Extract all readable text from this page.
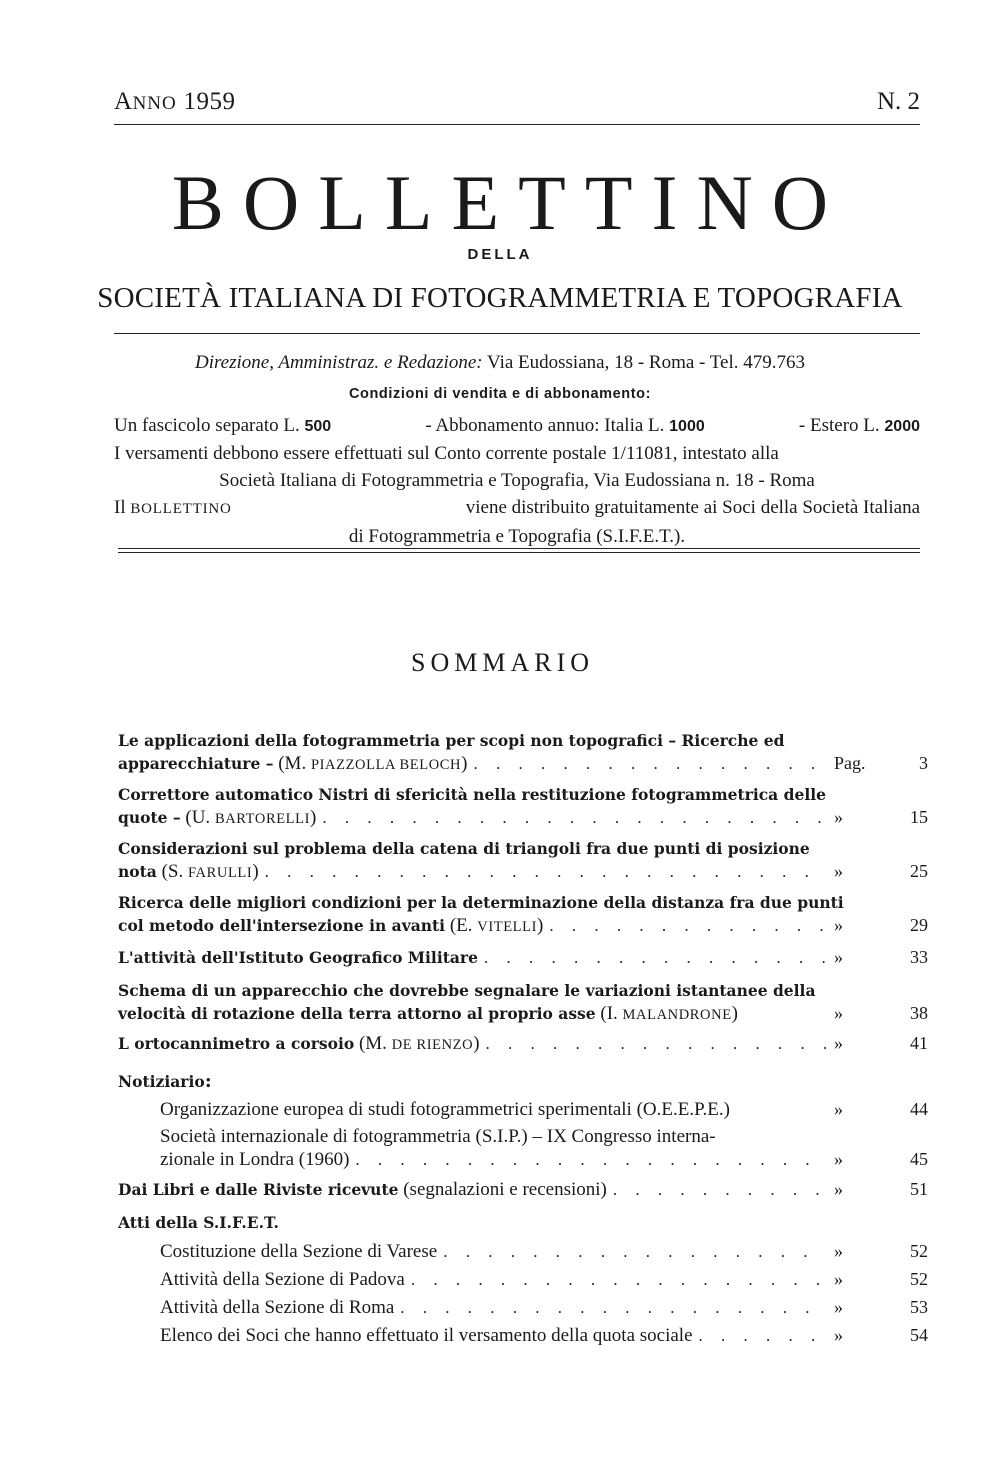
ANNO 1959	N. 2
BOLLETTINO
DELLA
SOCIETÀ ITALIANA DI FOTOGRAMMETRIA E TOPOGRAFIA
Direzione, Amministraz. e Redazione: Via Eudossiana, 18 - Roma - Tel. 479.763
Condizioni di vendita e di abbonamento:
Un fascicolo separato L. 500	- Abbonamento annuo: Italia L. 1000	- Estero L. 2000
I versamenti debbono essere effettuati sul Conto corrente postale 1/11081, intestato alla
Società Italiana di Fotogrammetria e Topografia, Via Eudossiana n. 18 - Roma
Il BOLLETTINO	viene distribuito gratuitamente ai Soci della Società Italiana
di Fotogrammetria e Topografia (S.I.F.E.T.).
SOMMARIO
Le applicazioni della fotogrammetria per scopi non topografici – Ricerche ed
apparecchiature – (M. PIAZZOLLA BELOCH) . . .	Pag.	3
Correttore automatico Nistri di sfericità nella restituzione fotogrammetrica delle
quote – (U. BARTORELLI) . . .	»	15
Considerazioni sul problema della catena di triangoli fra due punti di posizione
nota (S. FARULLI) . . .	»	25
Ricerca delle migliori condizioni per la determinazione della distanza fra due punti
col metodo dell'intersezione in avanti (E. VITELLI) . . .	»	29
L'attività dell'Istituto Geografico Militare . . .	»	33
Schema di un apparecchio che dovrebbe segnalare le variazioni istantanee della
velocità di rotazione della terra attorno al proprio asse (I. MALANDRONE)	»	38
L ortocannimetro a corsoio (M. DE RIENZO) . . .	»	41
Notiziario:
Organizzazione europea di studi fotogrammetrici sperimentali (O.E.E.P.E.)	»	44
Società internazionale di fotogrammetria (S.I.P.) – IX Congresso interna-
zionale in Londra (1960) . . .	»	45
Dai Libri e dalle Riviste ricevute (segnalazioni e recensioni) . . .	»	51
Atti della S.I.F.E.T.
Costituzione della Sezione di Varese . . .	»	52
Attività della Sezione di Padova . . .	»	52
Attività della Sezione di Roma . . .	»	53
Elenco dei Soci che hanno effettuato il versamento della quota sociale . . .	»	54
